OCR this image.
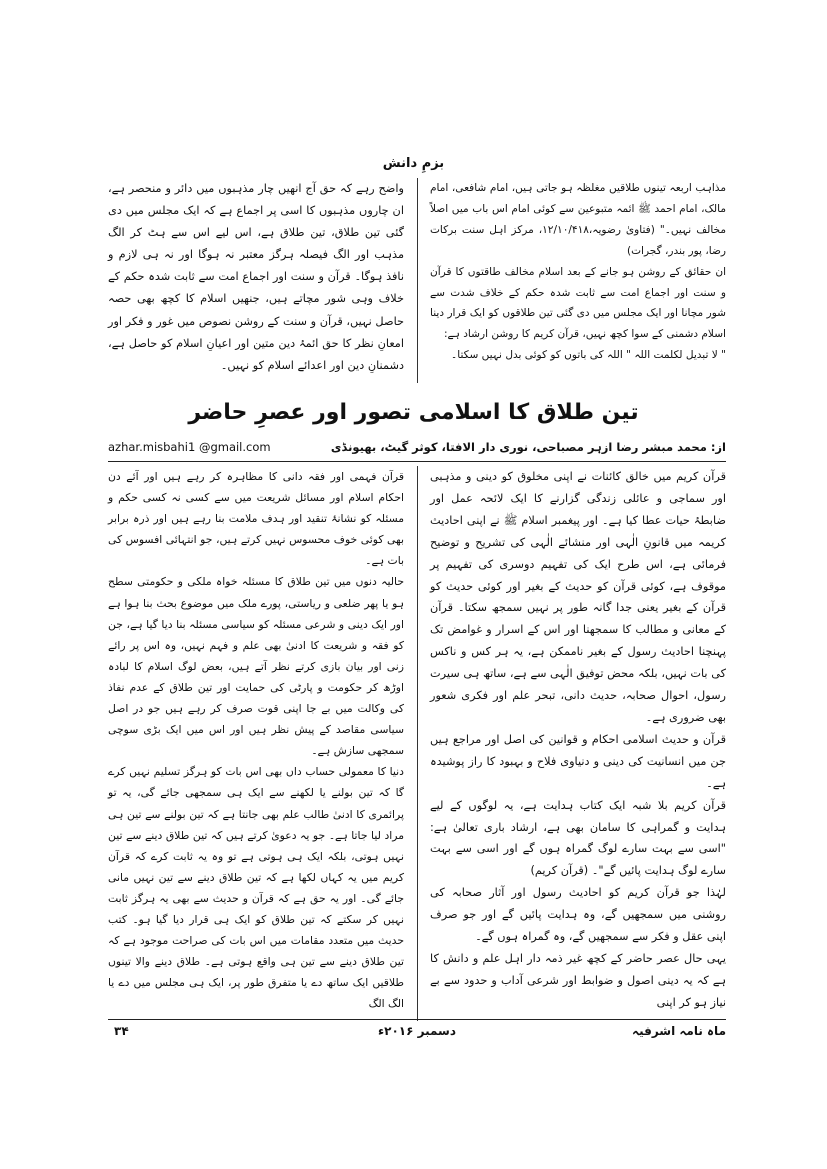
بزمِ دانش

مذاہب اربعہ تینوں طلاقیں مغلظہ ہو جاتی ہیں، امام شافعی، امام مالک، امام احمد ﷺ ائمہ متبوعین سے کوئی امام اس باب میں اصلاً مخالف نہیں۔" (فتاویٰ رضویہ،۱۲/۱۰/۴۱۸، مرکز اہل سنت برکات رضا، پور بندر، گجرات)

ان حقائق کے روشن ہو جانے کے بعد اسلام مخالف طاقتوں کا قرآن و سنت اور اجماع امت سے ثابت شدہ حکم کے خلاف شدت سے شور مچانا اور ایک مجلس میں دی گئی تین طلاقوں کو ایک قرار دینا اسلام دشمنی کے سوا کچھ نہیں، قرآن کریم کا روشن ارشاد ہے:

" لا تبدیل لکلمت اللہ " اللہ کی باتوں کو کوئی بدل نہیں سکتا۔

واضح رہے کہ حق آج انھیں چار مذہبوں میں دائر و منحصر ہے، ان چاروں مذہبوں کا اسی پر اجماع ہے کہ ایک مجلس میں دی گئی تین طلاق، تین طلاق ہے، اس لیے اس سے ہٹ کر الگ مذہب اور الگ فیصلہ ہرگز معتبر نہ ہوگا اور نہ ہی لازم و نافذ ہوگا۔ قرآن و سنت اور اجماع امت سے ثابت شدہ حکم کے خلاف وہی شور مچاتے ہیں، جنھیں اسلام کا کچھ بھی حصہ حاصل نہیں، قرآن و سنت کے روشن نصوص میں غور و فکر اور امعانِ نظر کا حق ائمۂ دین متین اور اعیانِ اسلام کو حاصل ہے، دشمنانِ دین اور اعدائے اسلام کو نہیں۔

تین طلاق کا اسلامی تصور اور عصرِ حاضر
از: محمد مبشر رضا ازہر مصباحی، نوری دار الافتا، کوثر گیٹ، بھیونڈی
azhar.misbahi1 @gmail.com

قرآن کریم میں خالق کائنات نے اپنی مخلوق کو دینی و مذہبی اور سماجی و عائلی زندگی گزارنے کا ایک لائحہ عمل اور ضابطۂ حیات عطا کیا ہے۔ اور پیغمبر اسلام ﷺ نے اپنی احادیث کریمہ میں قانونِ الٰہی اور منشائے الٰہی کی تشریح و توضیح فرمائی ہے، اس طرح ایک کی تفہیم دوسری کی تفہیم پر موقوف ہے، کوئی قرآن کو حدیث کے بغیر اور کوئی حدیث کو قرآن کے بغیر یعنی جدا گانہ طور پر نہیں سمجھ سکتا۔ قرآن کے معانی و مطالب کا سمجھنا اور اس کے اسرار و غوامض تک پہنچنا احادیث رسول کے بغیر ناممکن ہے، یہ ہر کس و ناکس کی بات نہیں، بلکہ محض توفیق الٰہی سے ہے، ساتھ ہی سیرت رسول، احوال صحابہ، حدیث دانی، تبحر علم اور فکری شعور بھی ضروری ہے۔

قرآن و حدیث اسلامی احکام و قوانین کی اصل اور مراجع ہیں جن میں انسانیت کی دینی و دنیاوی فلاح و بہبود کا راز پوشیدہ ہے۔

قرآن کریم بلا شبہ ایک کتاب ہدایت ہے، یہ لوگوں کے لیے ہدایت و گمراہی کا سامان بھی ہے، ارشاد باری تعالیٰ ہے: "اسی سے بہت سارے لوگ گمراہ ہوں گے اور اسی سے بہت سارے لوگ ہدایت پائیں گے"۔ (قرآن کریم)

لہٰذا جو قرآن کریم کو احادیث رسول اور آثار صحابہ کی روشنی میں سمجھیں گے، وہ ہدایت پائیں گے اور جو صرف اپنی عقل و فکر سے سمجھیں گے، وہ گمراہ ہوں گے۔

یہی حال عصر حاضر کے کچھ غیر ذمہ دار اہل علم و دانش کا ہے کہ یہ دینی اصول و ضوابط اور شرعی آداب و حدود سے بے نیاز ہو کر اپنی

قرآن فہمی اور فقہ دانی کا مظاہرہ کر رہے ہیں اور آئے دن احکام اسلام اور مسائل شریعت میں سے کسی نہ کسی حکم و مسئلہ کو نشانۂ تنقید اور ہدف ملامت بنا رہے ہیں اور ذرہ برابر بھی کوئی خوف محسوس نہیں کرتے ہیں، جو انتہائی افسوس کی بات ہے۔

حالیہ دنوں میں تین طلاق کا مسئلہ خواہ ملکی و حکومتی سطح ہو یا پھر ضلعی و ریاستی، پورے ملک میں موضوع بحث بنا ہوا ہے اور ایک دینی و شرعی مسئلہ کو سیاسی مسئلہ بنا دیا گیا ہے، جن کو فقہ و شریعت کا ادنیٰ بھی علم و فہم نہیں، وہ اس پر رائے زنی اور بیان بازی کرتے نظر آتے ہیں، بعض لوگ اسلام کا لبادہ اوڑھ کر حکومت و پارٹی کی حمایت اور تین طلاق کے عدم نفاذ کی وکالت میں بے جا اپنی قوت صرف کر رہے ہیں جو در اصل سیاسی مقاصد کے پیش نظر ہیں اور اس میں ایک بڑی سوچی سمجھی سازش ہے۔

دنیا کا معمولی حساب داں بھی اس بات کو ہرگز تسلیم نہیں کرے گا کہ تین بولنے یا لکھنے سے ایک ہی سمجھی جائے گی، یہ تو پرائمری کا ادنیٰ طالب علم بھی جانتا ہے کہ تین بولنے سے تین ہی مراد لیا جاتا ہے۔ جو یہ دعویٰ کرتے ہیں کہ تین طلاق دینے سے تین نہیں ہوتی، بلکہ ایک ہی ہوتی ہے تو وہ یہ ثابت کرے کہ قرآن کریم میں یہ کہاں لکھا ہے کہ تین طلاق دینے سے تین نہیں مانی جائے گی۔ اور یہ حق ہے کہ قرآن و حدیث سے بھی یہ ہرگز ثابت نہیں کر سکتے کہ تین طلاق کو ایک ہی قرار دیا گیا ہو۔ کتب حدیث میں متعدد مقامات میں اس بات کی صراحت موجود ہے کہ تین طلاق دینے سے تین ہی واقع ہوتی ہے۔ طلاق دینے والا تینوں طلاقیں ایک ساتھ دے یا متفرق طور پر، ایک ہی مجلس میں دے یا الگ الگ

ماہ نامہ اشرفیہ
دسمبر ۲۰۱۶ء
۳۴
